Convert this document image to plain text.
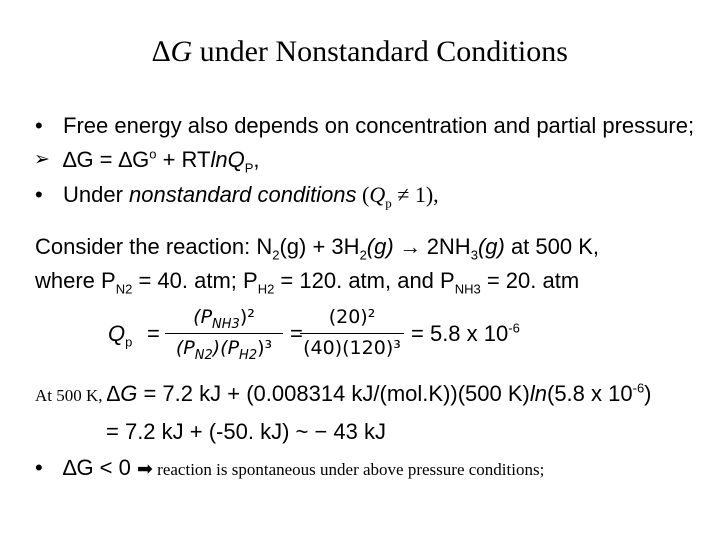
∆G under Nonstandard Conditions
• Free energy also depends on concentration and partial pressure;
➢ $\Delta G = \Delta G^o + RTlnQ_P$,
• Under nonstandard conditions $(Q_p \ne 1)$,
Consider the reaction: $N_2(g) + 3H_2(g) \to 2NH_3(g)$ at 500 K,
where $P_{N2} = 40$. atm; $P_{H2} = 120$. atm, and $P_{NH3} = 20$. atm
$Q_p$ =
$(P_{NH3})^2$
$(P_{N2})(P_{H2})^3$
=
(20)²
(40)(120)³
= 5.8 x $10^{-6}$
At 500 K, ∆G = 7.2 kJ + (0.008314 kJ/(mol.K))(500 K)ln(5.8 x $10^{-6}$)
= 7.2 kJ + (-50. kJ) ~ − 43 kJ
• ∆G < 0 ➡ reaction is spontaneous under above pressure conditions;
